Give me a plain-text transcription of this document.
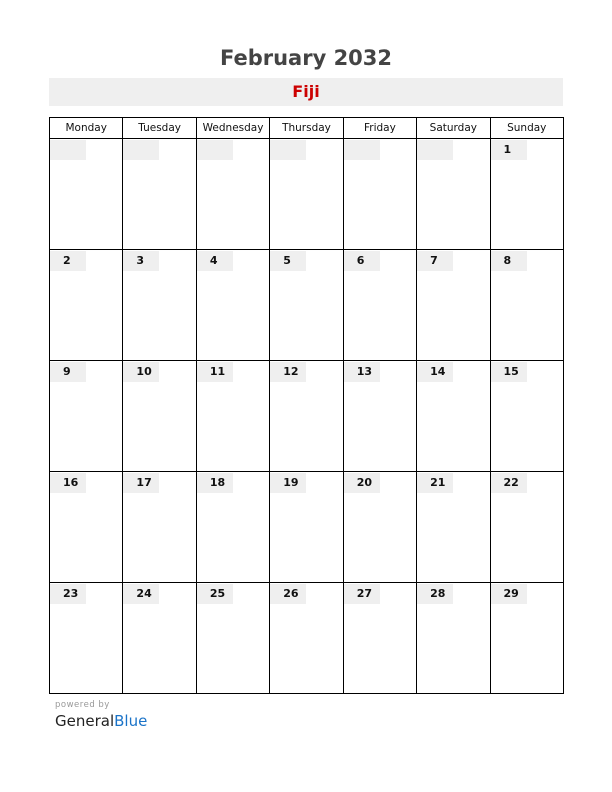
February 2032
Fiji
Monday	Tuesday	Wednesday	Thursday	Friday	Saturday	Sunday

						1

2	3	4	5	6	7	8

9	10	11	12	13	14	15

16	17	18	19	20	21	22

23	24	25	26	27	28	29
powered by
GeneralBlue
